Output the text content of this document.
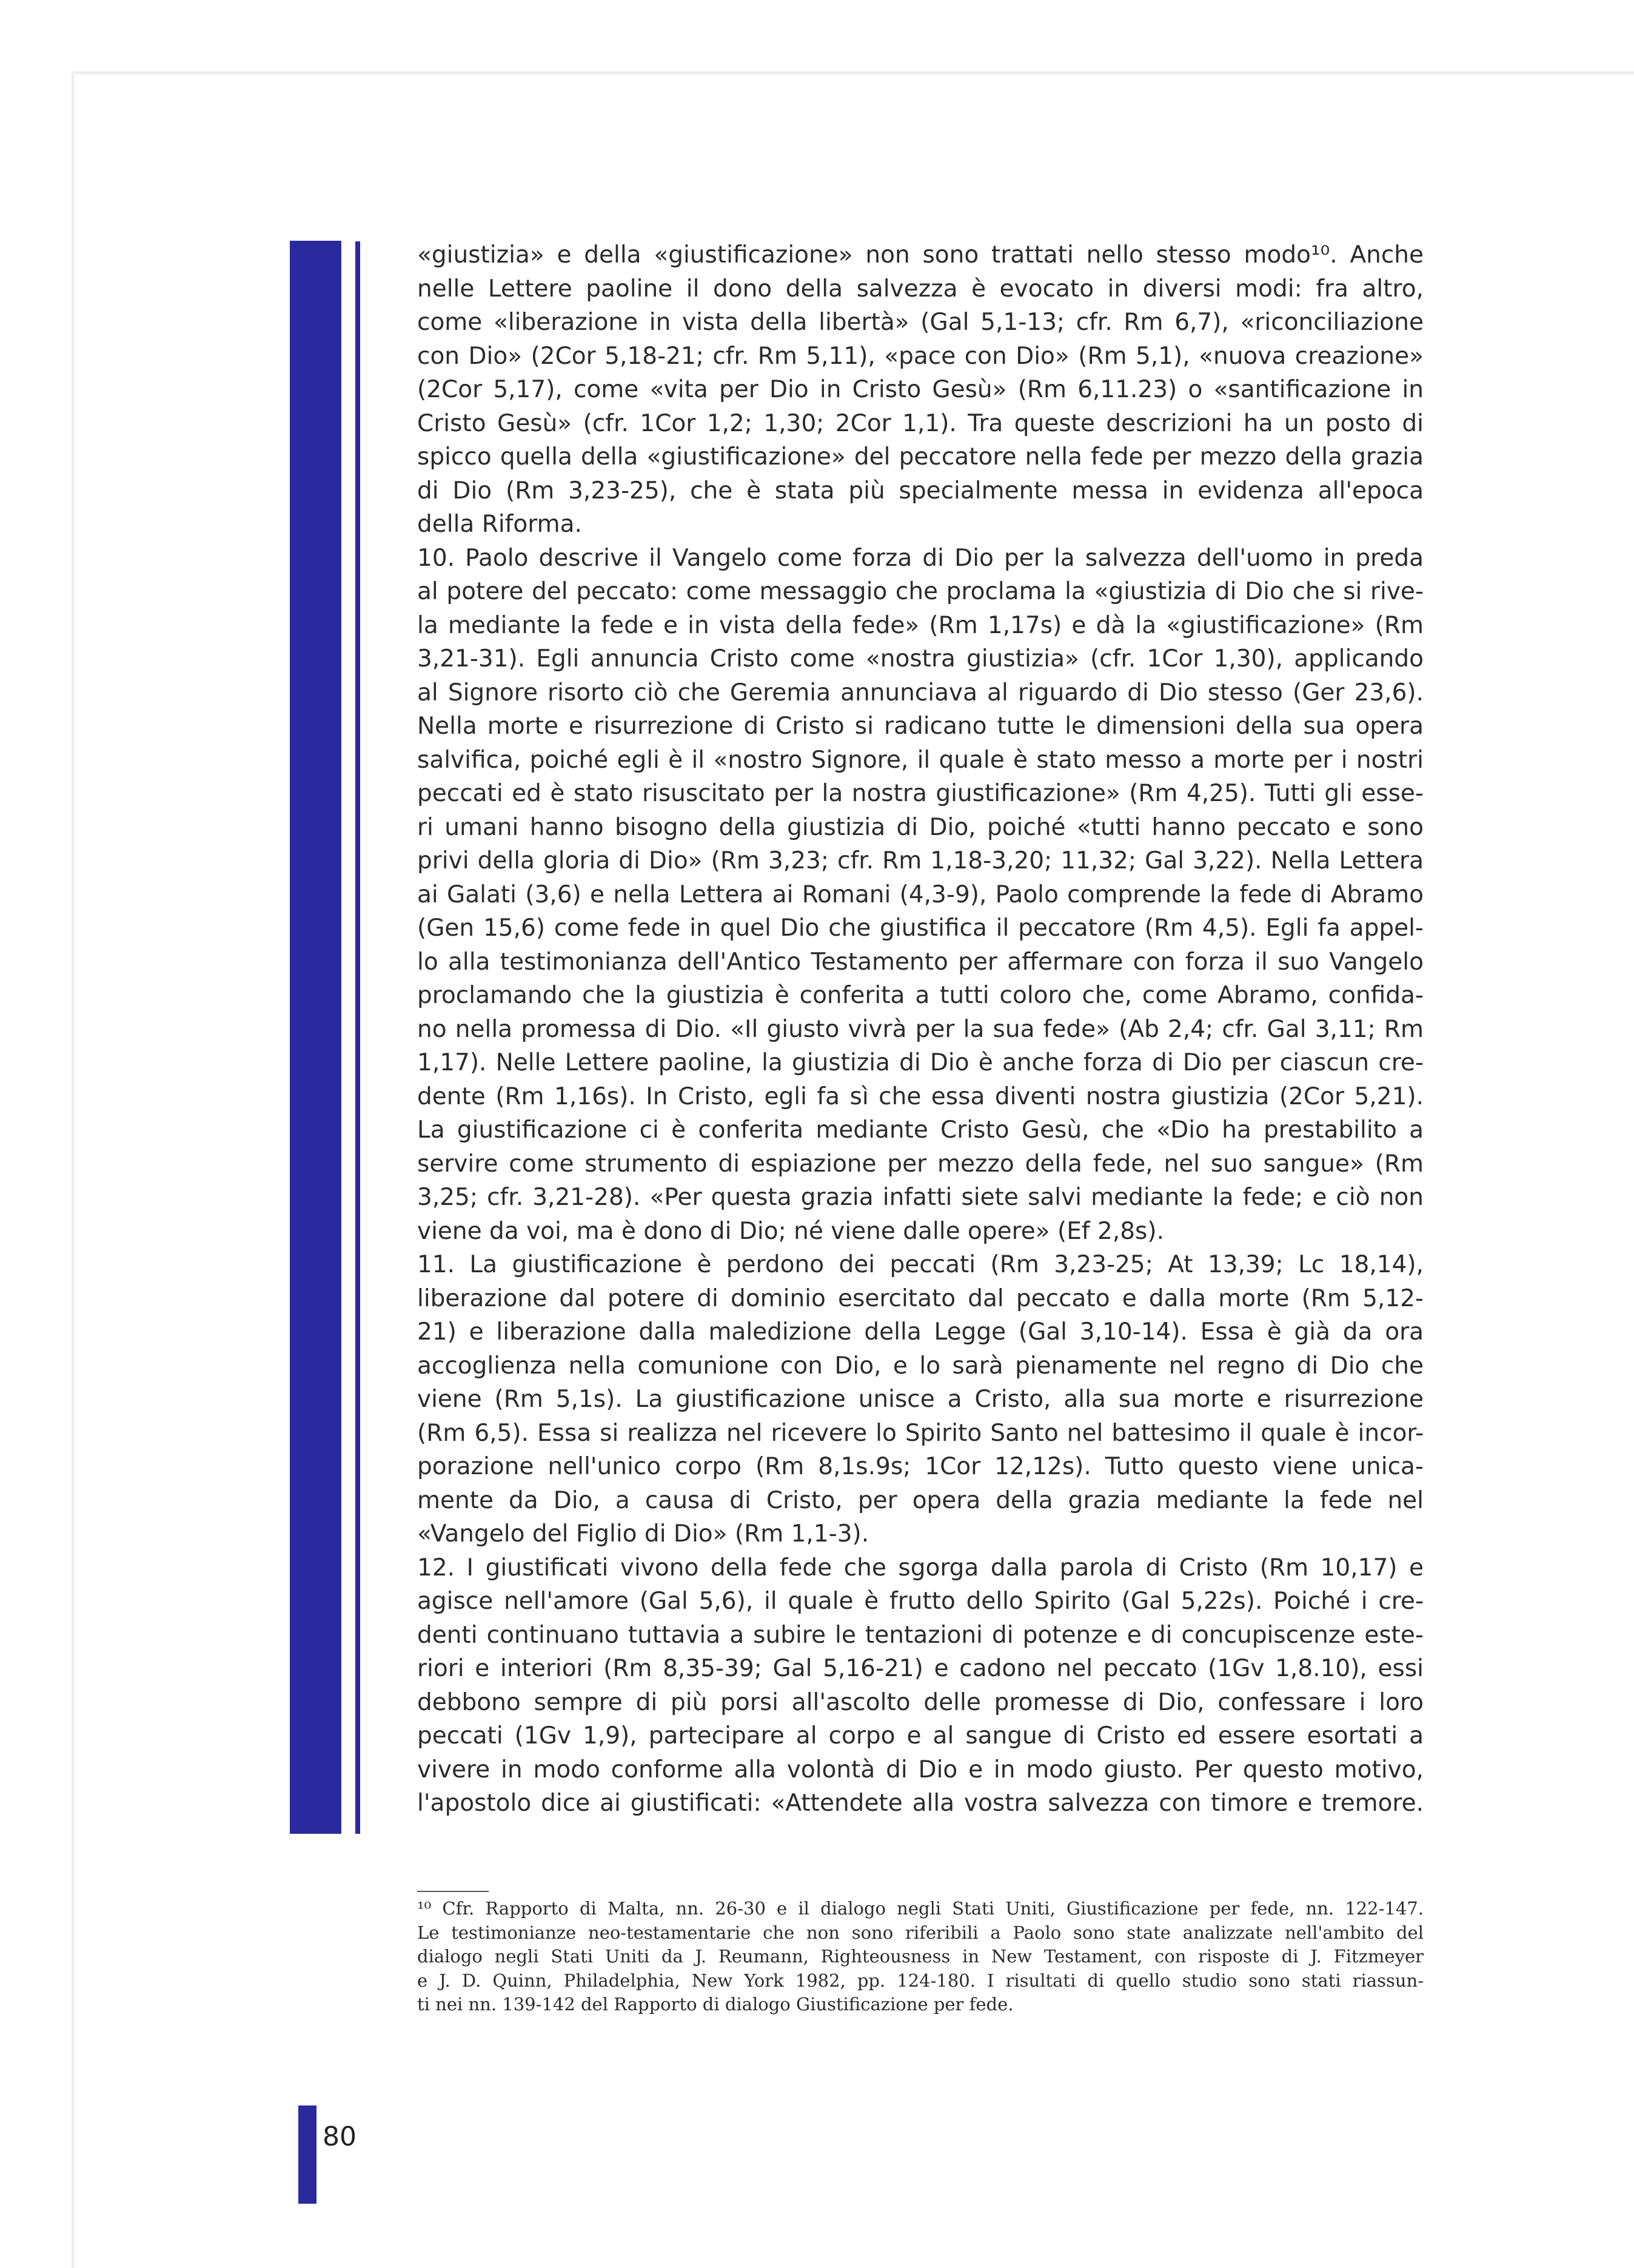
«giustizia» e della «giustificazione» non sono trattati nello stesso modo¹⁰. Anche
nelle Lettere paoline il dono della salvezza è evocato in diversi modi: fra altro,
come «liberazione in vista della libertà» (Gal 5,1-13; cfr. Rm 6,7), «riconciliazione
con Dio» (2Cor 5,18-21; cfr. Rm 5,11), «pace con Dio» (Rm 5,1), «nuova creazione»
(2Cor 5,17), come «vita per Dio in Cristo Gesù» (Rm 6,11.23) o «santificazione in
Cristo Gesù» (cfr. 1Cor 1,2; 1,30; 2Cor 1,1). Tra queste descrizioni ha un posto di
spicco quella della «giustificazione» del peccatore nella fede per mezzo della grazia
di Dio (Rm 3,23-25), che è stata più specialmente messa in evidenza all'epoca
della Riforma.
10. Paolo descrive il Vangelo come forza di Dio per la salvezza dell'uomo in preda
al potere del peccato: come messaggio che proclama la «giustizia di Dio che si rive-
la mediante la fede e in vista della fede» (Rm 1,17s) e dà la «giustificazione» (Rm
3,21-31). Egli annuncia Cristo come «nostra giustizia» (cfr. 1Cor 1,30), applicando
al Signore risorto ciò che Geremia annunciava al riguardo di Dio stesso (Ger 23,6).
Nella morte e risurrezione di Cristo si radicano tutte le dimensioni della sua opera
salvifica, poiché egli è il «nostro Signore, il quale è stato messo a morte per i nostri
peccati ed è stato risuscitato per la nostra giustificazione» (Rm 4,25). Tutti gli esse-
ri umani hanno bisogno della giustizia di Dio, poiché «tutti hanno peccato e sono
privi della gloria di Dio» (Rm 3,23; cfr. Rm 1,18-3,20; 11,32; Gal 3,22). Nella Lettera
ai Galati (3,6) e nella Lettera ai Romani (4,3-9), Paolo comprende la fede di Abramo
(Gen 15,6) come fede in quel Dio che giustifica il peccatore (Rm 4,5). Egli fa appel-
lo alla testimonianza dell'Antico Testamento per affermare con forza il suo Vangelo
proclamando che la giustizia è conferita a tutti coloro che, come Abramo, confida-
no nella promessa di Dio. «Il giusto vivrà per la sua fede» (Ab 2,4; cfr. Gal 3,11; Rm
1,17). Nelle Lettere paoline, la giustizia di Dio è anche forza di Dio per ciascun cre-
dente (Rm 1,16s). In Cristo, egli fa sì che essa diventi nostra giustizia (2Cor 5,21).
La giustificazione ci è conferita mediante Cristo Gesù, che «Dio ha prestabilito a
servire come strumento di espiazione per mezzo della fede, nel suo sangue» (Rm
3,25; cfr. 3,21-28). «Per questa grazia infatti siete salvi mediante la fede; e ciò non
viene da voi, ma è dono di Dio; né viene dalle opere» (Ef 2,8s).
11. La giustificazione è perdono dei peccati (Rm 3,23-25; At 13,39; Lc 18,14),
liberazione dal potere di dominio esercitato dal peccato e dalla morte (Rm 5,12-
21) e liberazione dalla maledizione della Legge (Gal 3,10-14). Essa è già da ora
accoglienza nella comunione con Dio, e lo sarà pienamente nel regno di Dio che
viene (Rm 5,1s). La giustificazione unisce a Cristo, alla sua morte e risurrezione
(Rm 6,5). Essa si realizza nel ricevere lo Spirito Santo nel battesimo il quale è incor-
porazione nell'unico corpo (Rm 8,1s.9s; 1Cor 12,12s). Tutto questo viene unica-
mente da Dio, a causa di Cristo, per opera della grazia mediante la fede nel
«Vangelo del Figlio di Dio» (Rm 1,1-3).
12. I giustificati vivono della fede che sgorga dalla parola di Cristo (Rm 10,17) e
agisce nell'amore (Gal 5,6), il quale è frutto dello Spirito (Gal 5,22s). Poiché i cre-
denti continuano tuttavia a subire le tentazioni di potenze e di concupiscenze este-
riori e interiori (Rm 8,35-39; Gal 5,16-21) e cadono nel peccato (1Gv 1,8.10), essi
debbono sempre di più porsi all'ascolto delle promesse di Dio, confessare i loro
peccati (1Gv 1,9), partecipare al corpo e al sangue di Cristo ed essere esortati a
vivere in modo conforme alla volontà di Dio e in modo giusto. Per questo motivo,
l'apostolo dice ai giustificati: «Attendete alla vostra salvezza con timore e tremore.
¹⁰ Cfr. Rapporto di Malta, nn. 26-30 e il dialogo negli Stati Uniti, Giustificazione per fede, nn. 122-147.
Le testimonianze neo-testamentarie che non sono riferibili a Paolo sono state analizzate nell'ambito del
dialogo negli Stati Uniti da J. Reumann, Righteousness in New Testament, con risposte di J. Fitzmeyer
e J. D. Quinn, Philadelphia, New York 1982, pp. 124-180. I risultati di quello studio sono stati riassun-
ti nei nn. 139-142 del Rapporto di dialogo Giustificazione per fede.
80
